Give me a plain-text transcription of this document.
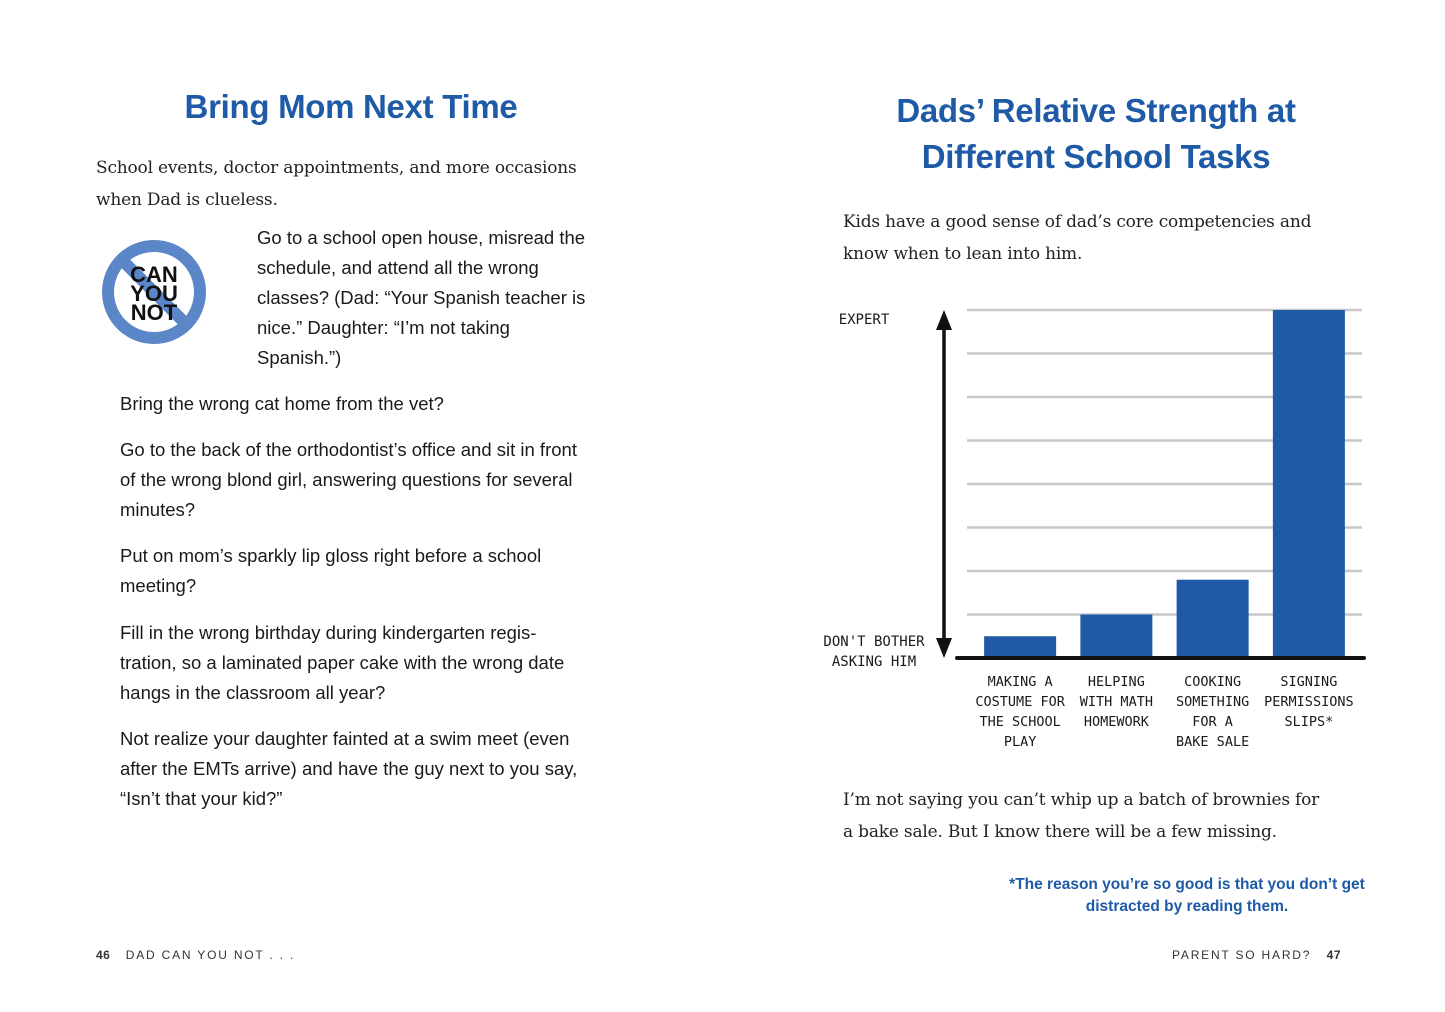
Bring Mom Next Time
School events, doctor appointments, and more occasions when Dad is clueless.
CAN
YOU
NOT

Go to a school open house, misread the schedule, and attend all the wrong classes? (Dad: “Your Spanish teacher is nice.” Daughter: “I’m not taking Spanish.”)

Bring the wrong cat home from the vet?

Go to the back of the orthodontist’s office and sit in front of the wrong blond girl, answering questions for several minutes?

Put on mom’s sparkly lip gloss right before a school meeting?

Fill in the wrong birthday during kindergarten regis-tration, so a laminated paper cake with the wrong date hangs in the classroom all year?

Not realize your daughter fainted at a swim meet (even after the EMTs arrive) and have the guy next to you say, “Isn’t that your kid?”

46 DAD CAN YOU NOT . . .
Dads’ Relative Strength at
Different School Tasks
Kids have a good sense of dad’s core competencies and know when to lean into him.
MAKING A
COSTUME FOR
THE SCHOOL
PLAY
HELPING
WITH MATH
HOMEWORK
COOKING
SOMETHING
FOR A
BAKE SALE
SIGNING
PERMISSIONS
SLIPS*
EXPERT
DON'T BOTHER
ASKING HIM
I’m not saying you can’t whip up a batch of brownies for a bake sale. But I know there will be a few missing.
*The reason you’re so good is that you don’t get distracted by reading them.
PARENT SO HARD? 47
